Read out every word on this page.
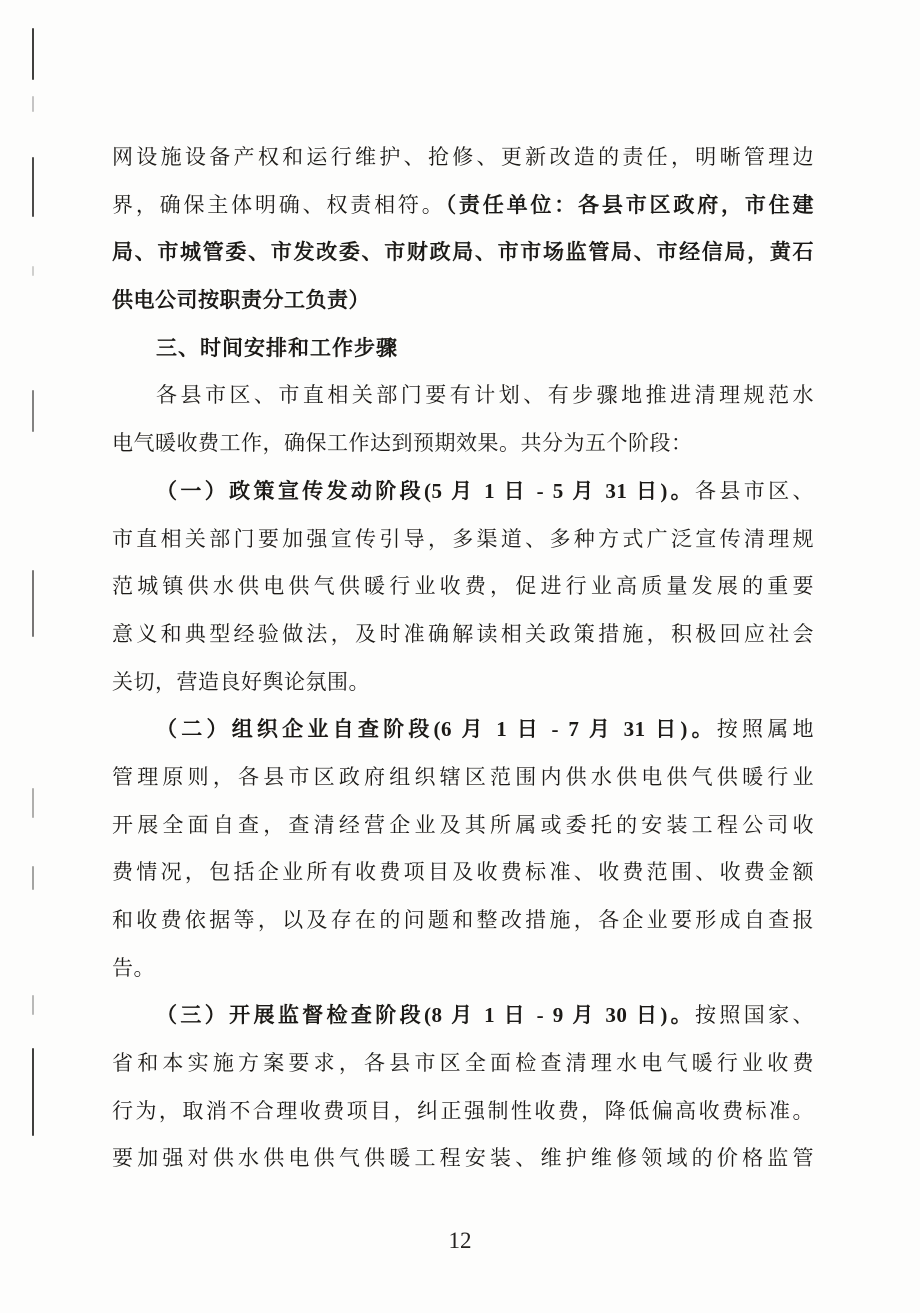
网设施设备产权和运行维护、抢修、更新改造的责任，明晰管理边
界，确保主体明确、权责相符。（责任单位：各县市区政府，市住建
局、市城管委、市发改委、市财政局、市市场监管局、市经信局，黄石
供电公司按职责分工负责）
三、时间安排和工作步骤
各县市区、市直相关部门要有计划、有步骤地推进清理规范水
电气暖收费工作，确保工作达到预期效果。共分为五个阶段：
（一）政策宣传发动阶段(5 月 1 日 - 5 月 31 日)。各县市区、
市直相关部门要加强宣传引导，多渠道、多种方式广泛宣传清理规
范城镇供水供电供气供暖行业收费，促进行业高质量发展的重要
意义和典型经验做法，及时准确解读相关政策措施，积极回应社会
关切，营造良好舆论氛围。
（二）组织企业自查阶段(6 月 1 日 - 7 月 31 日)。按照属地
管理原则，各县市区政府组织辖区范围内供水供电供气供暖行业
开展全面自查，查清经营企业及其所属或委托的安装工程公司收
费情况，包括企业所有收费项目及收费标准、收费范围、收费金额
和收费依据等，以及存在的问题和整改措施，各企业要形成自查报
告。
（三）开展监督检查阶段(8 月 1 日 - 9 月 30 日)。按照国家、
省和本实施方案要求，各县市区全面检查清理水电气暖行业收费
行为，取消不合理收费项目，纠正强制性收费，降低偏高收费标准。
要加强对供水供电供气供暖工程安装、维护维修领域的价格监管
12
